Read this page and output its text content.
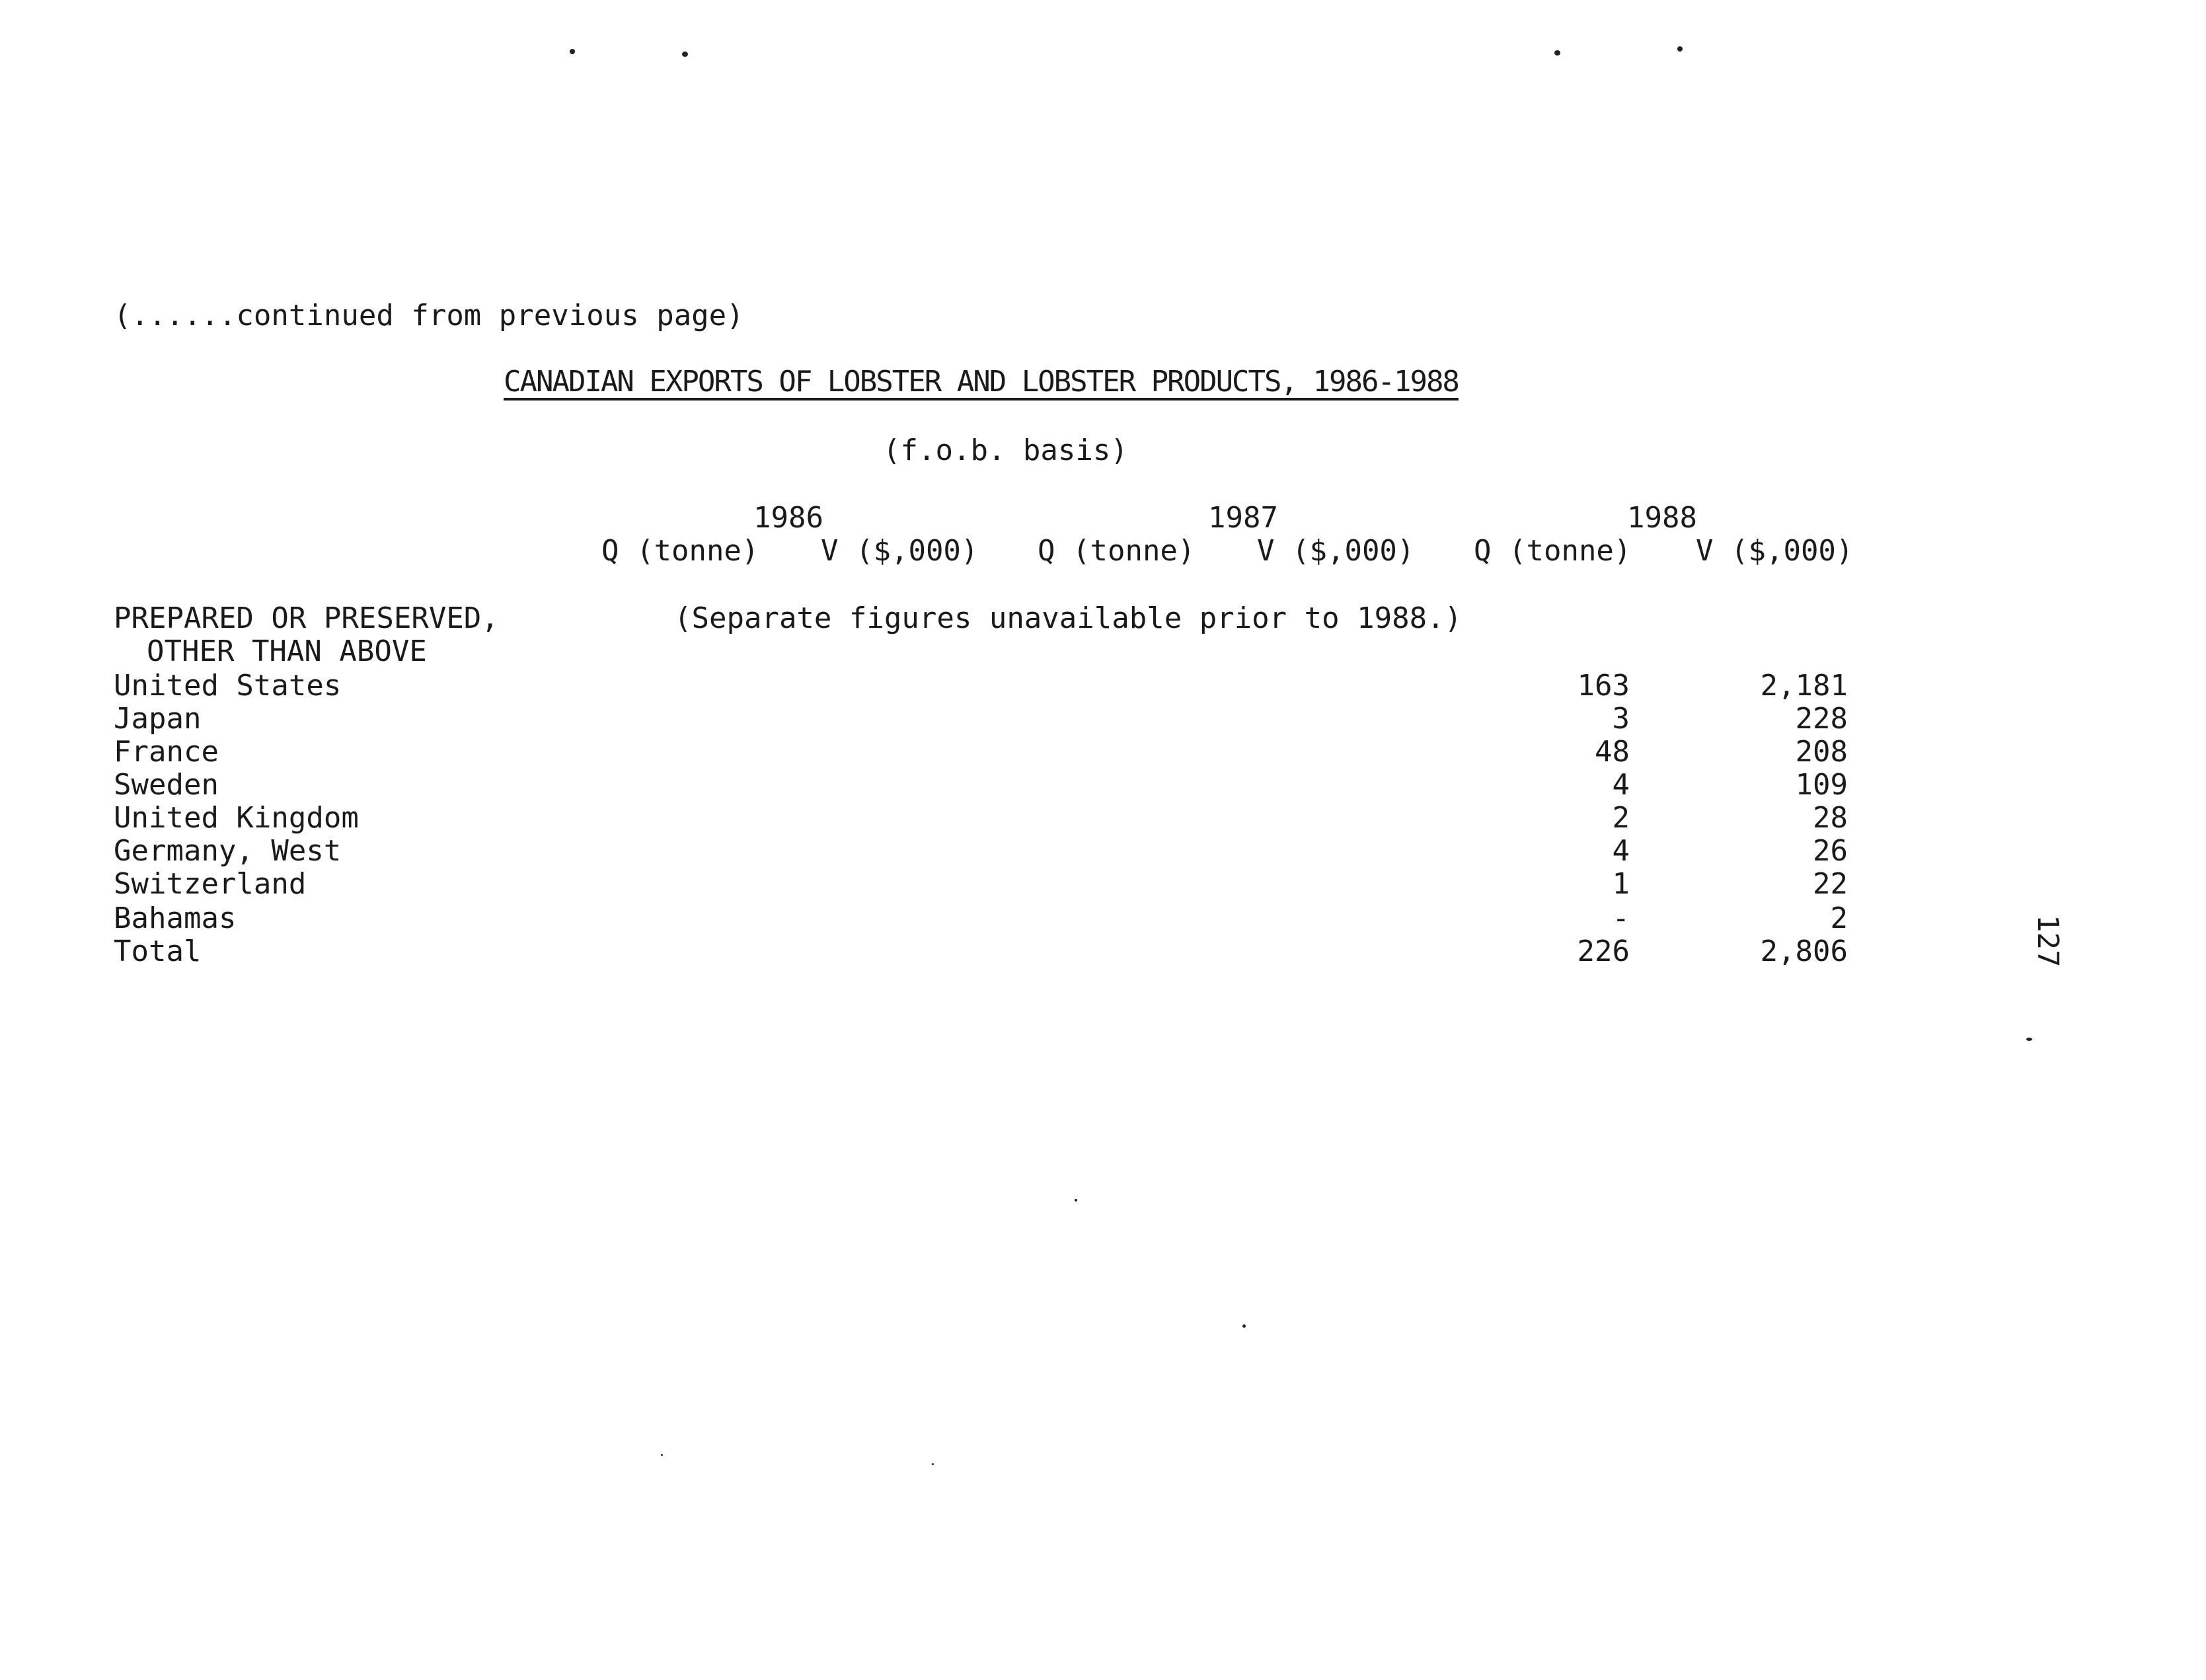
(......continued from previous page)
CANADIAN EXPORTS OF LOBSTER AND LOBSTER PRODUCTS, 1986-1988
(f.o.b. basis)
1986	1987	1988
Q (tonne) V ($,000) Q (tonne) V ($,000) Q (tonne) V ($,000)
PREPARED OR PRESERVED,
OTHER THAN ABOVE
(Separate figures unavailable prior to 1988.)
United States	163	2,181
Japan	3	228
France	48	208
Sweden	4	109
United Kingdom	2	28
Germany, West	4	26
Switzerland	1	22
Bahamas	-	2
Total	226	2,806	127
